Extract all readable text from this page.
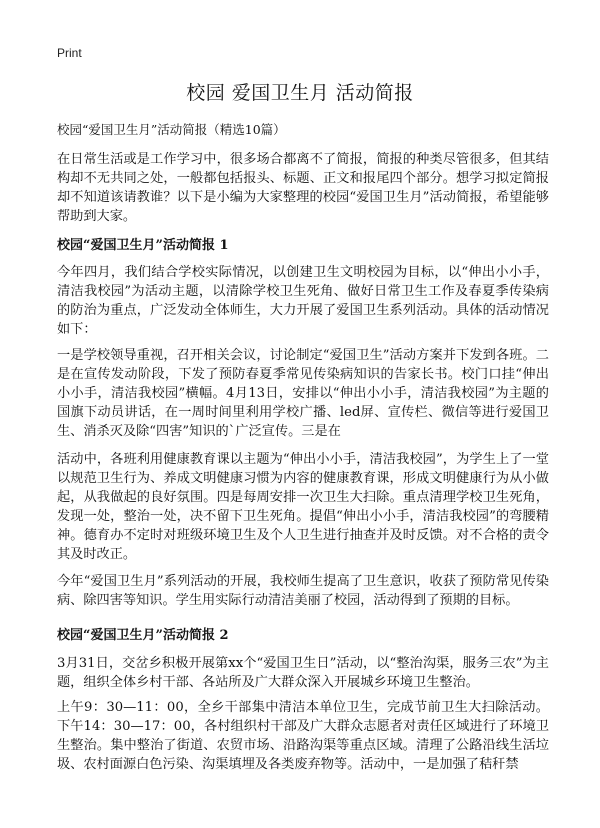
Print
校园 爱国卫生月 活动简报

校园“爱国卫生月”活动简报（精选10篇）

在日常生活或是工作学习中，很多场合都离不了简报，简报的种类尽管很多，但其结构却不无共同之处，一般都包括报头、标题、正文和报尾四个部分。想学习拟定简报却不知道该请教谁？以下是小编为大家整理的校园“爱国卫生月”活动简报，希望能够帮助到大家。

校园“爱国卫生月”活动简报 1

今年四月，我们结合学校实际情况，以创建卫生文明校园为目标，以“伸出小小手，清洁我校园”为活动主题，以清除学校卫生死角、做好日常卫生工作及春夏季传染病的防治为重点，广泛发动全体师生，大力开展了爱国卫生系列活动。具体的活动情况如下：

一是学校领导重视，召开相关会议，讨论制定“爱国卫生”活动方案并下发到各班。二是在宣传发动阶段，下发了预防春夏季常见传染病知识的告家长书。校门口挂“伸出小小手，清洁我校园”横幅。4月13日，安排以“伸出小小手，清洁我校园”为主题的国旗下动员讲话，在一周时间里利用学校广播、led屏、宣传栏、微信等进行爱国卫生、消杀灭及除“四害”知识的`广泛宣传。三是在

活动中，各班利用健康教育课以主题为“伸出小小手，清洁我校园”，为学生上了一堂以规范卫生行为、养成文明健康习惯为内容的健康教育课，形成文明健康行为从小做起，从我做起的良好氛围。四是每周安排一次卫生大扫除。重点清理学校卫生死角，发现一处，整治一处，决不留下卫生死角。提倡“伸出小小手，清洁我校园”的弯腰精神。德育办不定时对班级环境卫生及个人卫生进行抽查并及时反馈。对不合格的责令其及时改正。

今年“爱国卫生月”系列活动的开展，我校师生提高了卫生意识，收获了预防常见传染病、除四害等知识。学生用实际行动清洁美丽了校园，活动得到了预期的目标。

校园“爱国卫生月”活动简报 2

3月31日，交岔乡积极开展第xx个“爱国卫生日”活动，以“整治沟渠，服务三农”为主题，组织全体乡村干部、各站所及广大群众深入开展城乡环境卫生整治。

上午9：30—11：00，全乡干部集中清洁本单位卫生，完成节前卫生大扫除活动。下午14：30—17：00，各村组织村干部及广大群众志愿者对责任区域进行了环境卫生整治。集中整治了街道、农贸市场、沿路沟渠等重点区域。清理了公路沿线生活垃圾、农村面源白色污染、沟渠填埋及各类废弃物等。活动中，一是加强了秸秆禁
